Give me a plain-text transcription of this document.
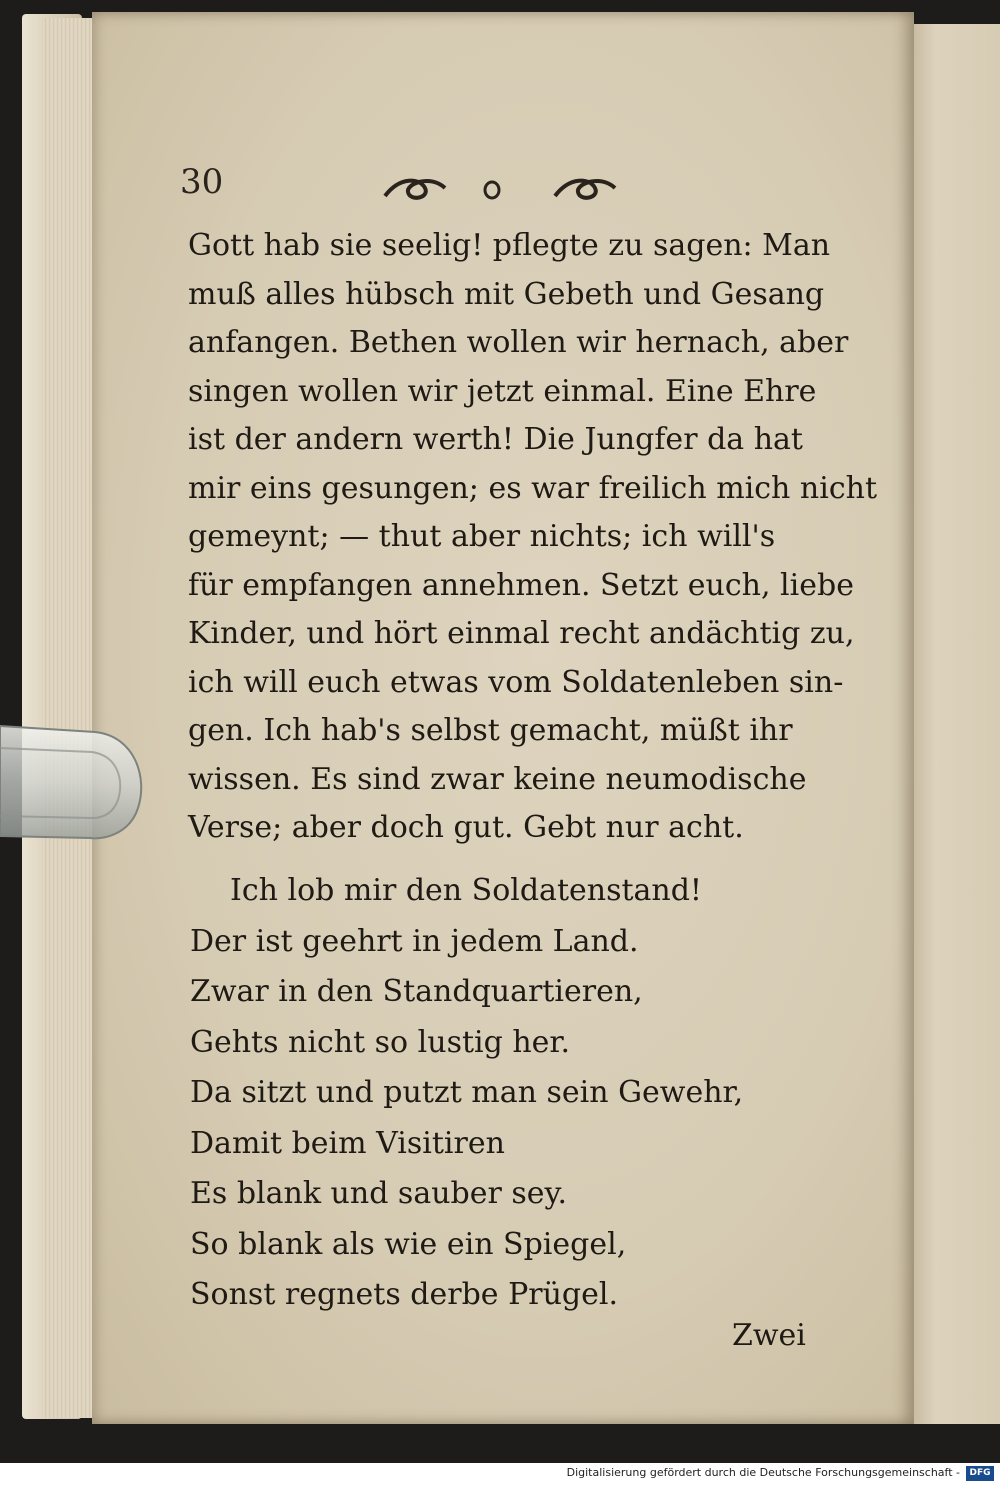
30
Gott hab sie seelig! pflegte zu sagen: Man
muß alles hübsch mit Gebeth und Gesang
anfangen. Bethen wollen wir hernach, aber
singen wollen wir jetzt einmal. Eine Ehre
ist der andern werth! Die Jungfer da hat
mir eins gesungen; es war freilich mich nicht
gemeynt; — thut aber nichts; ich will's
für empfangen annehmen. Setzt euch, liebe
Kinder, und hört einmal recht andächtig zu,
ich will euch etwas vom Soldatenleben sin-
gen. Ich hab's selbst gemacht, müßt ihr
wissen. Es sind zwar keine neumodische
Verse; aber doch gut. Gebt nur acht.
Ich lob mir den Soldatenstand!
Der ist geehrt in jedem Land.
Zwar in den Standquartieren,
Gehts nicht so lustig her.
Da sitzt und putzt man sein Gewehr,
Damit beim Visitiren
Es blank und sauber sey.
So blank als wie ein Spiegel,
Sonst regnets derbe Prügel.
Zwei
Digitalisierung gefördert durch die Deutsche Forschungsgemeinschaft -	DFG
